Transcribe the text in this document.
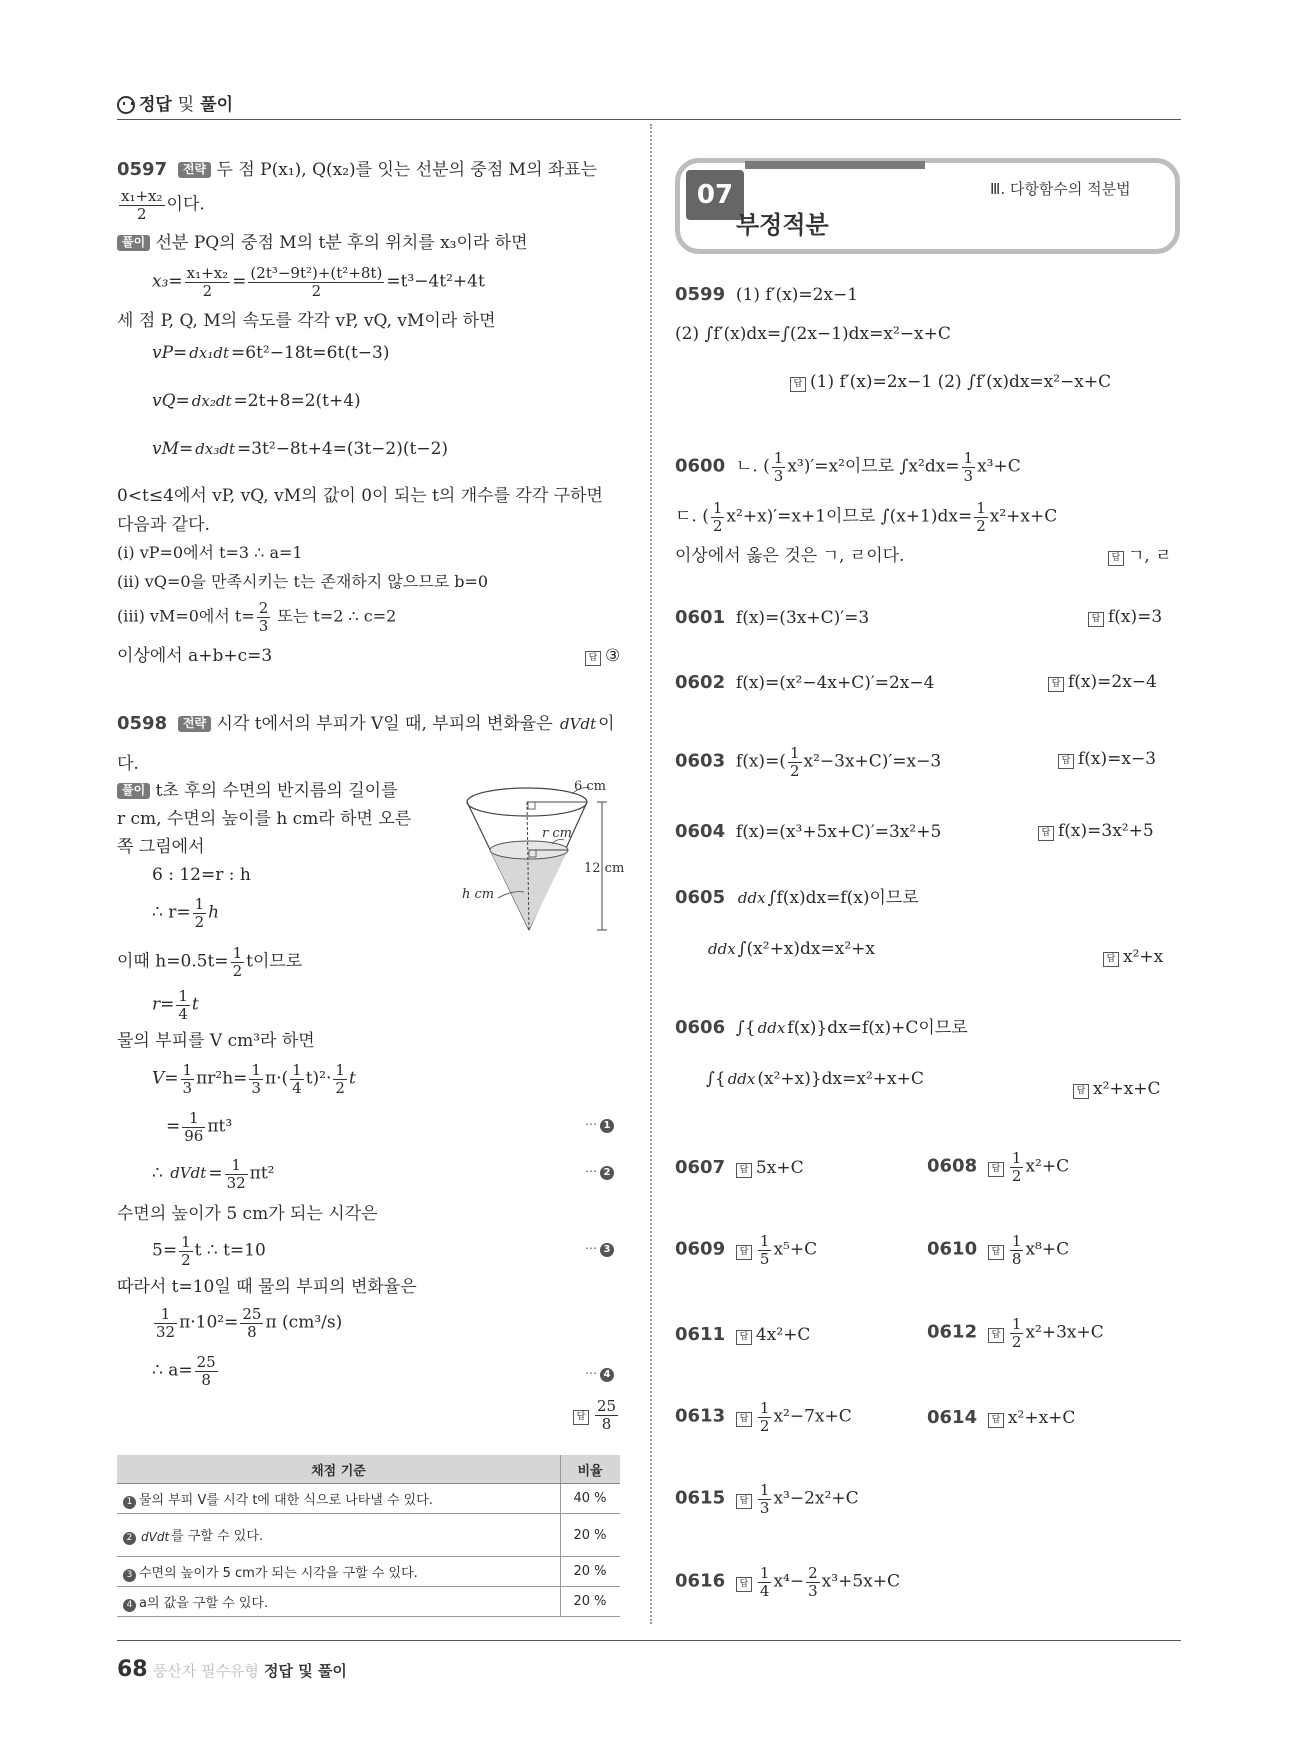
정답 및 풀이
0597 전략 두 점 P(x₁), Q(x₂)를 잇는 선분의 중점 M의 좌표는
$\frac{\text{x₁+x₂}}{2}$ 이다.
풀이 선분 PQ의 중점 M의 t분 후의 위치를 x₃이라 하면
$x_3= \frac{\text{x₁+x₂}}{2} = \frac{\text{(2t³−9t²)+(t²+8t)}}{2} =t^3-4t^2+4t$
세 점 P, Q, M의 속도를 각각 vP, vQ, vM이라 하면
vP= dx₁dt =6t²−18t=6t(t−3)
vQ= dx₂dt =2t+8=2(t+4)
vM= dx₃dt =3t²−8t+4=(3t−2)(t−2)
0<t≤4에서 vP, vQ, vM의 값이 0이 되는 t의 개수를 각각 구하면
다음과 같다.
(ⅰ) vP=0에서 t=3 ∴ a=1
(ⅱ) vQ=0을 만족시키는 t는 존재하지 않으므로 b=0
(ⅲ) vM=0에서 $t= \frac{2}{3}$ 또는 t=2 ∴ c=2
이상에서 a+b+c=3	답 ③
0598 전략 시각 t에서의 부피가 V일 때, 부피의 변화율은 dVdt 이
다.
풀이 t초 후의 수면의 반지름의 길이를
r cm, 수면의 높이를 h cm라 하면 오른
쪽 그림에서
6 : 12=r : h
∴ $r= \frac{1}{2}$ h
이때 $h=0.5t= \frac{1}{2}$ t이므로
$r= \frac{1}{4}$ t
물의 부피를 V cm³라 하면
$V= \frac{1}{3} \pi r^2h= \frac{1}{3} \pi\cdot( \frac{1}{4} t)^2\cdot \frac{1}{2}$ t
= $\frac{1}{96} \pi t^3$	⋯ 1
∴ dVdt = $\frac{1}{32} \pi t^2$	⋯ 2
수면의 높이가 5 cm가 되는 시각은
$5= \frac{1}{2}$ t ∴ t=10	⋯ 3
따라서 t=10일 때 물의 부피의 변화율은
$\frac{1}{32} \pi\cdot 10^2= \frac{25}{8}$ π (cm³/s)
∴ $a= \frac{25}{8}$	⋯ 4
답 $\frac{25}{8}$
6 cm
r cm
12 cm
h cm
채점 기준	비율
1 물의 부피 V를 시각 t에 대한 식으로 나타낼 수 있다.	40 %
2 dVdt 를 구할 수 있다.	20 %
3 수면의 높이가 5 cm가 되는 시각을 구할 수 있다.	20 %
4 a의 값을 구할 수 있다.	20 %
07
부정적분
Ⅲ. 다항함수의 적분법
0599 (1) f′(x)=2x−1
(2) ∫f′(x)dx=∫(2x−1)dx=x²−x+C
답 (1) f′(x)=2x−1 (2) ∫f′(x)dx=x²−x+C
0600 ㄴ. ( $\frac{1}{3} x^3)'=x^2$이므로 $\int x^2dx= \frac{1}{3} x^3+C$
ㄷ. ( $\frac{1}{2} x^2+x)'=x+1$이므로 $\int(x+1)dx= \frac{1}{2} x^2+x+C$
이상에서 옳은 것은 ㄱ, ㄹ이다.	답 ㄱ, ㄹ
0601 f(x)=(3x+C)′=3	답 f(x)=3
0602 f(x)=(x²−4x+C)′=2x−4	답 f(x)=2x−4
0603 $f(x)=( \frac{1}{2} x^2-3x+C)'=x-3$	답 f(x)=x−3
0604 f(x)=(x³+5x+C)′=3x²+5	답 f(x)=3x²+5
0605 ddx ∫f(x)dx=f(x)이므로
ddx ∫(x²+x)dx=x²+x	답 x²+x
0606 ∫{ ddx f(x)}dx=f(x)+C이므로
∫{ ddx (x²+x)}dx=x²+x+C
답 x²+x+C
0607 답 5x+C	0608 답 $\frac{1}{2} x^2+C$
0609 답 $\frac{1}{5} x^5+C$	0610 답 $\frac{1}{8} x^8+C$
0611 답 4x²+C	0612 답 $\frac{1}{2} x^2+3x+C$
0613 답 $\frac{1}{2} x^2-7x+C$	0614 답 x²+x+C
0615 답 $\frac{1}{3} x^3-2x^2+C$
0616 답 $\frac{1}{4} x^4- \frac{2}{3} x^3+5x+C$
68 풍산자 필수유형 정답 및 풀이
